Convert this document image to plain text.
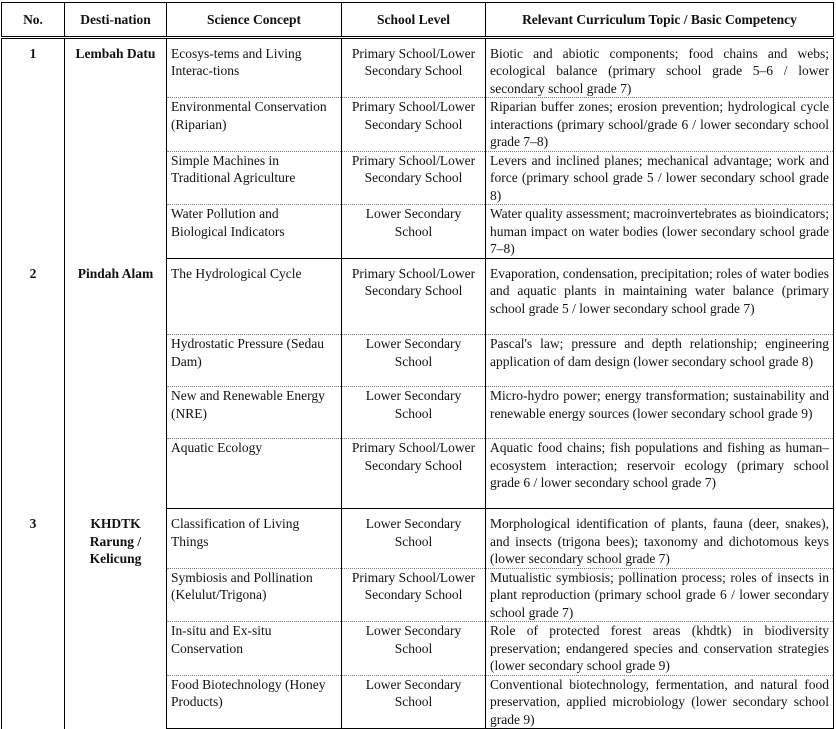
No.	Desti-nation	Science Concept	School Level	Relevant Curriculum Topic / Basic Competency

1	Lembah Datu	Ecosys-tems and Living Interac-tions	Primary School/Lower Secondary School	Biotic and abiotic components; food chains and webs; ecological balance (primary school grade 5–6 / lower secondary school grade 7)
		Environmental Conservation (Riparian)	Primary School/Lower Secondary School	Riparian buffer zones; erosion prevention; hydrological cycle interactions (primary school/grade 6 / lower secondary school grade 7–8)
		Simple Machines in Traditional Agriculture	Primary School/Lower Secondary School	Levers and inclined planes; mechanical advantage; work and force (primary school grade 5 / lower secondary school grade 8)
		Water Pollution and Biological Indicators	Lower Secondary School	Water quality assessment; macroinvertebrates as bioindicators; human impact on water bodies (lower secondary school grade 7–8)

2	Pindah Alam	The Hydrological Cycle	Primary School/Lower Secondary School	Evaporation, condensation, precipitation; roles of water bodies and aquatic plants in maintaining water balance (primary school grade 5 / lower secondary school grade 7)
		Hydrostatic Pressure (Sedau Dam)	Lower Secondary School	Pascal's law; pressure and depth relationship; engineering application of dam design (lower secondary school grade 8)
		New and Renewable Energy (NRE)	Lower Secondary School	Micro-hydro power; energy transformation; sustainability and renewable energy sources (lower secondary school grade 9)
		Aquatic Ecology	Primary School/Lower Secondary School	Aquatic food chains; fish populations and fishing as human–ecosystem interaction; reservoir ecology (primary school grade 6 / lower secondary school grade 7)

3	KHDTK Rarung / Kelicung	Classification of Living Things	Lower Secondary School	Morphological identification of plants, fauna (deer, snakes), and insects (trigona bees); taxonomy and dichotomous keys (lower secondary school grade 7)
		Symbiosis and Pollination (Kelulut/Trigona)	Primary School/Lower Secondary School	Mutualistic symbiosis; pollination process; roles of insects in plant reproduction (primary school grade 6 / lower secondary school grade 7)
		In-situ and Ex-situ Conservation	Lower Secondary School	Role of protected forest areas (khdtk) in biodiversity preservation; endangered species and conservation strategies (lower secondary school grade 9)
		Food Biotechnology (Honey Products)	Lower Secondary School	Conventional biotechnology, fermentation, and natural food preservation, applied microbiology (lower secondary school grade 9)
